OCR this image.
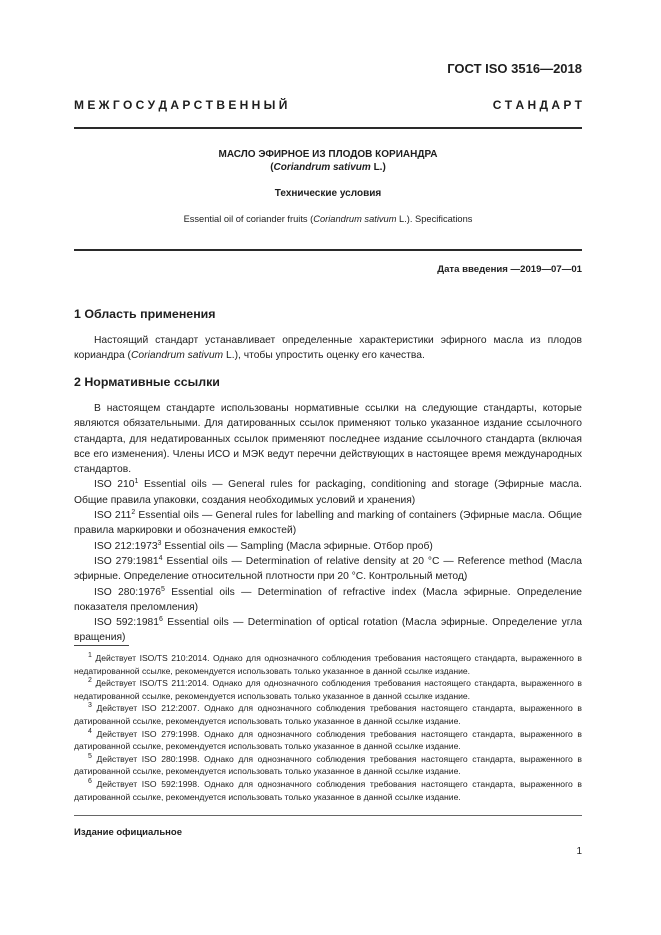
ГОСТ ISO 3516—2018
М Е Ж Г О С У Д А Р С Т В Е Н Н Ы Й	С Т А Н Д А Р Т
МАСЛО ЭФИРНОЕ ИЗ ПЛОДОВ КОРИАНДРА
(Coriandrum sativum L.)
Технические условия
Essential oil of coriander fruits (Coriandrum sativum L.). Specifications
Дата введения —2019—07—01
1 Область применения
Настоящий стандарт устанавливает определенные характеристики эфирного масла из плодов кориандра (Coriandrum sativum L.), чтобы упростить оценку его качества.
2 Нормативные ссылки
В настоящем стандарте использованы нормативные ссылки на следующие стандарты, которые являются обязательными. Для датированных ссылок применяют только указанное издание ссылочного стандарта, для недатированных ссылок применяют последнее издание ссылочного стандарта (включая все его изменения). Члены ИСО и МЭК ведут перечни действующих в настоящее время международных стандартов.
ISO $210^1$ Essential oils — General rules for packaging, conditioning and storage (Эфирные масла. Общие правила упаковки, создания необходимых условий и хранения)
ISO $211^2$ Essential oils — General rules for labelling and marking of containers (Эфирные масла. Общие правила маркировки и обозначения емкостей)
ISO 212:1973$^3$ Essential oils — Sampling (Масла эфирные. Отбор проб)
ISO 279:1981$^4$ Essential oils — Determination of relative density at 20 °C — Reference method (Масла эфирные. Определение относительной плотности при 20 °C. Контрольный метод)
ISO 280:1976$^5$ Essential oils — Determination of refractive index (Масла эфирные. Определение показателя преломления)
ISO 592:1981$^6$ Essential oils — Determination of optical rotation (Масла эфирные. Определение угла вращения)
$^1$ Действует ISO/TS 210:2014. Однако для однозначного соблюдения требования настоящего стандарта, выраженного в недатированной ссылке, рекомендуется использовать только указанное в данной ссылке издание.
$^2$ Действует ISO/TS 211:2014. Однако для однозначного соблюдения требования настоящего стандарта, выраженного в недатированной ссылке, рекомендуется использовать только указанное в данной ссылке издание.
$^3$ Действует ISO 212:2007. Однако для однозначного соблюдения требования настоящего стандарта, выраженного в датированной ссылке, рекомендуется использовать только указанное в данной ссылке издание.
$^4$ Действует ISO 279:1998. Однако для однозначного соблюдения требования настоящего стандарта, выраженного в датированной ссылке, рекомендуется использовать только указанное в данной ссылке издание.
$^5$ Действует ISO 280:1998. Однако для однозначного соблюдения требования настоящего стандарта, выраженного в датированной ссылке, рекомендуется использовать только указанное в данной ссылке издание.
$^6$ Действует ISO 592:1998. Однако для однозначного соблюдения требования настоящего стандарта, выраженного в датированной ссылке, рекомендуется использовать только указанное в данной ссылке издание.
Издание официальное
1
